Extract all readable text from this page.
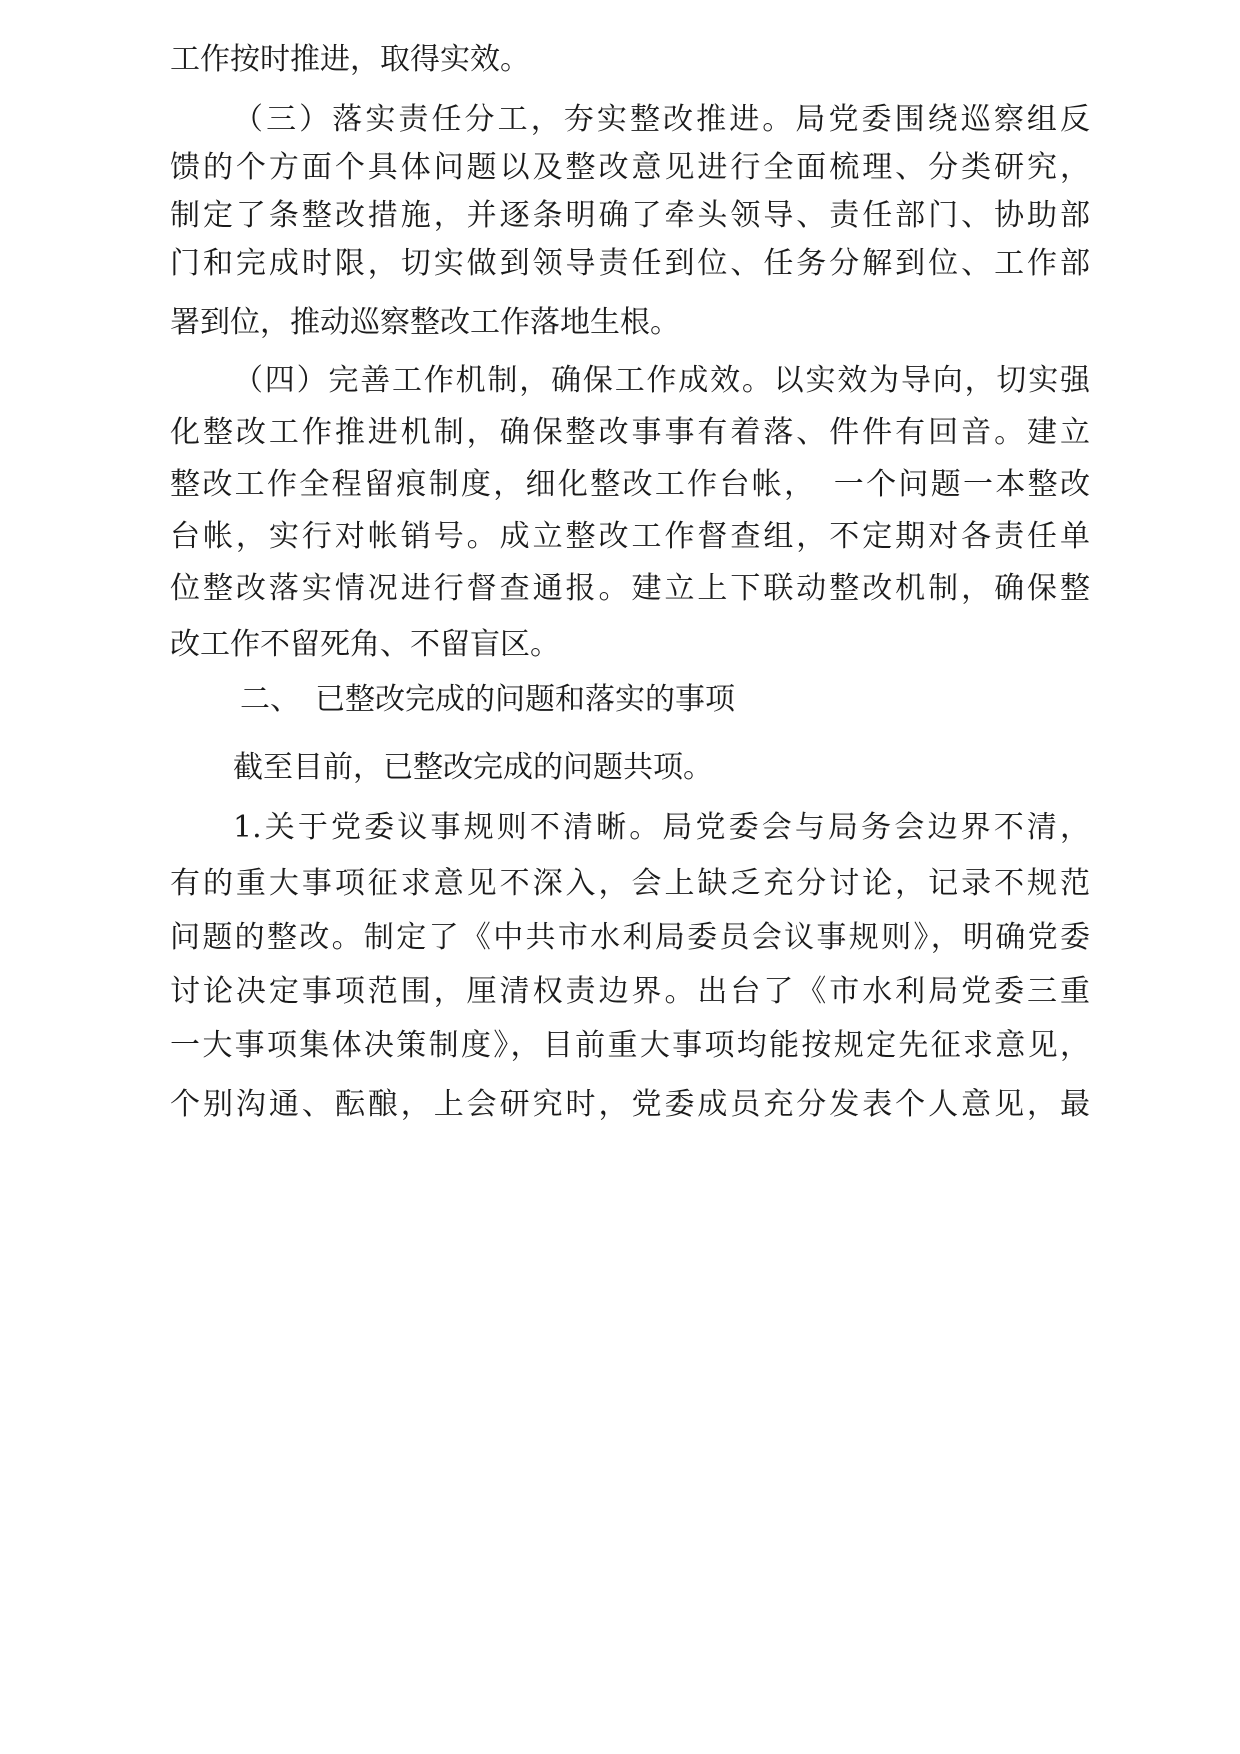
工作按时推进，取得实效。
（三）落实责任分工，夯实整改推进。局党委围绕巡察组反
馈的个方面个具体问题以及整改意见进行全面梳理、分类研究，
制定了条整改措施，并逐条明确了牵头领导、责任部门、协助部
门和完成时限，切实做到领导责任到位、任务分解到位、工作部
署到位，推动巡察整改工作落地生根。
（四）完善工作机制，确保工作成效。以实效为导向，切实强
化整改工作推进机制，确保整改事事有着落、件件有回音。建立
整改工作全程留痕制度，细化整改工作台帐，　一个问题一本整改
台帐，实行对帐销号。成立整改工作督查组，不定期对各责任单
位整改落实情况进行督查通报。建立上下联动整改机制，确保整
改工作不留死角、不留盲区。
二、　已整改完成的问题和落实的事项
截至目前，已整改完成的问题共项。
1.关于党委议事规则不清晰。局党委会与局务会边界不清，
有的重大事项征求意见不深入，会上缺乏充分讨论，记录不规范
问题的整改。制定了《中共市水利局委员会议事规则》，明确党委
讨论决定事项范围，厘清权责边界。出台了《市水利局党委三重
一大事项集体决策制度》，目前重大事项均能按规定先征求意见，
个别沟通、酝酿，上会研究时，党委成员充分发表个人意见，最
